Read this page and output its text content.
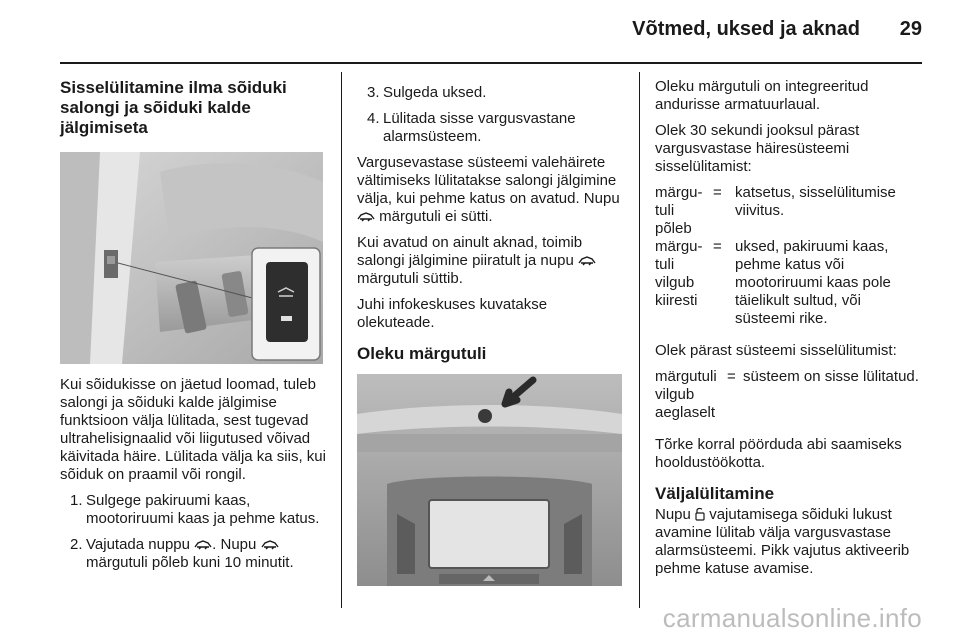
Võtmed, uksed ja aknad 29
Sisselülitamine ilma sõiduki salongi ja sõiduki kalde jälgimiseta

Kui sõidukisse on jäetud loomad, tuleb salongi ja sõiduki kalde jälgimise funktsioon välja lülitada, sest tugevad ultrahelisignaalid või liigutused võivad käivitada häire. Lülitada välja ka siis, kui sõiduk on praamil või rongil.

1. Sulgege pakiruumi kaas, mootoriruumi kaas ja pehme katus.
2. Vajutada nuppu . Nupu  märgutuli põleb kuni 10 minutit.
3. Sulgeda uksed.
4. Lülitada sisse vargusvastane alarmsüsteem.

Vargusevastase süsteemi valehäirete vältimiseks lülitatakse salongi jälgimine välja, kui pehme katus on avatud. Nupu  märgutuli ei sütti.

Kui avatud on ainult aknad, toimib salongi jälgimine piiratult ja nupu  märgutuli süttib.

Juhi infokeskuses kuvatakse olekuteade.

Oleku märgutuli

Oleku märgutuli on integreeritud andurisse armatuurlaual.

Olek 30 sekundi jooksul pärast vargusvastase häiresüsteemi sisselülitamist:

märgu-
tuli
põleb
= katsetus, sisselülitumise viivitus.
märgu-
tuli
vilgub
kiiresti
= uksed, pakiruumi kaas, pehme katus või mootoriruumi kaas pole täielikult sultud, või süsteemi rike.

Olek pärast süsteemi sisselülitumist:

märgutuli
vilgub
aeglaselt
= süsteem on sisse lülitatud.

Tõrke korral pöörduda abi saamiseks hooldustöökotta.

Väljalülitamine

Nupu vajutamisega sõiduki lukust avamine lülitab välja vargusvastase alarmsüsteemi. Pikk vajutus aktiveerib pehme katuse avamise.

carmanualsonline.info
